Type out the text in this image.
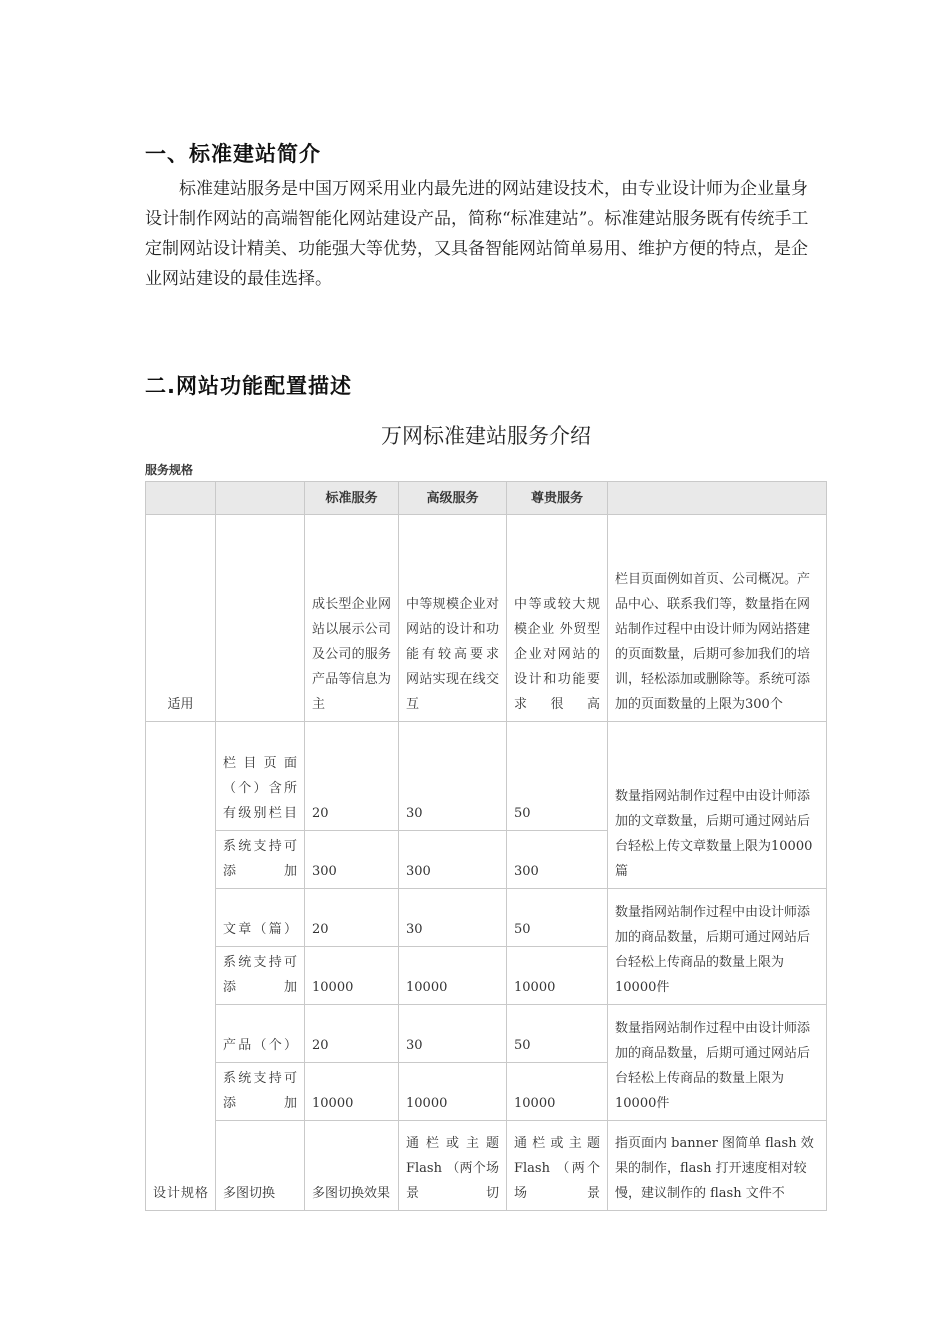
一、标准建站简介

标准建站服务是中国万网采用业内最先进的网站建设技术，由专业设计师为企业量身设计制作网站的高端智能化网站建设产品，简称“标准建站”。标准建站服务既有传统手工定制网站设计精美、功能强大等优势，又具备智能网站简单易用、维护方便的特点，是企业网站建设的最佳选择。

二.网站功能配置描述

万网标准建站服务介绍

服务规格
		标准服务	高级服务	尊贵服务	
适用		成长型企业网站以展示公司及公司的服务产品等信息为主	中等规模企业对网站的设计和功能有较高要求 网站实现在线交互	中等或较大规模企业 外贸型企业对网站的设计和功能要求很高	栏目页面例如首页、公司概况。产品中心、联系我们等，数量指在网站制作过程中由设计师为网站搭建的页面数量，后期可参加我们的培训，轻松添加或删除等。系统可添加的页面数量的上限为300个
设计规格	栏目页面（个）含所有级别栏目	20	30	50	数量指网站制作过程中由设计师添加的文章数量，后期可通过网站后台轻松上传文章数量上限为10000篇
	系统支持可添加	300	300	300	
	文章（篇）	20	30	50	数量指网站制作过程中由设计师添加的商品数量，后期可通过网站后台轻松上传商品的数量上限为10000件
	系统支持可添加	10000	10000	10000	
	产品（个）	20	30	50	数量指网站制作过程中由设计师添加的商品数量，后期可通过网站后台轻松上传商品的数量上限为10000件
	系统支持可添加	10000	10000	10000	
	多图切换	多图切换效果	通栏或主题 Flash （两个场景切	通栏或主题 Flash （两个场景	指页面内 banner 图简单 flash 效果的制作，flash 打开速度相对较慢，建议制作的 flash 文件不
